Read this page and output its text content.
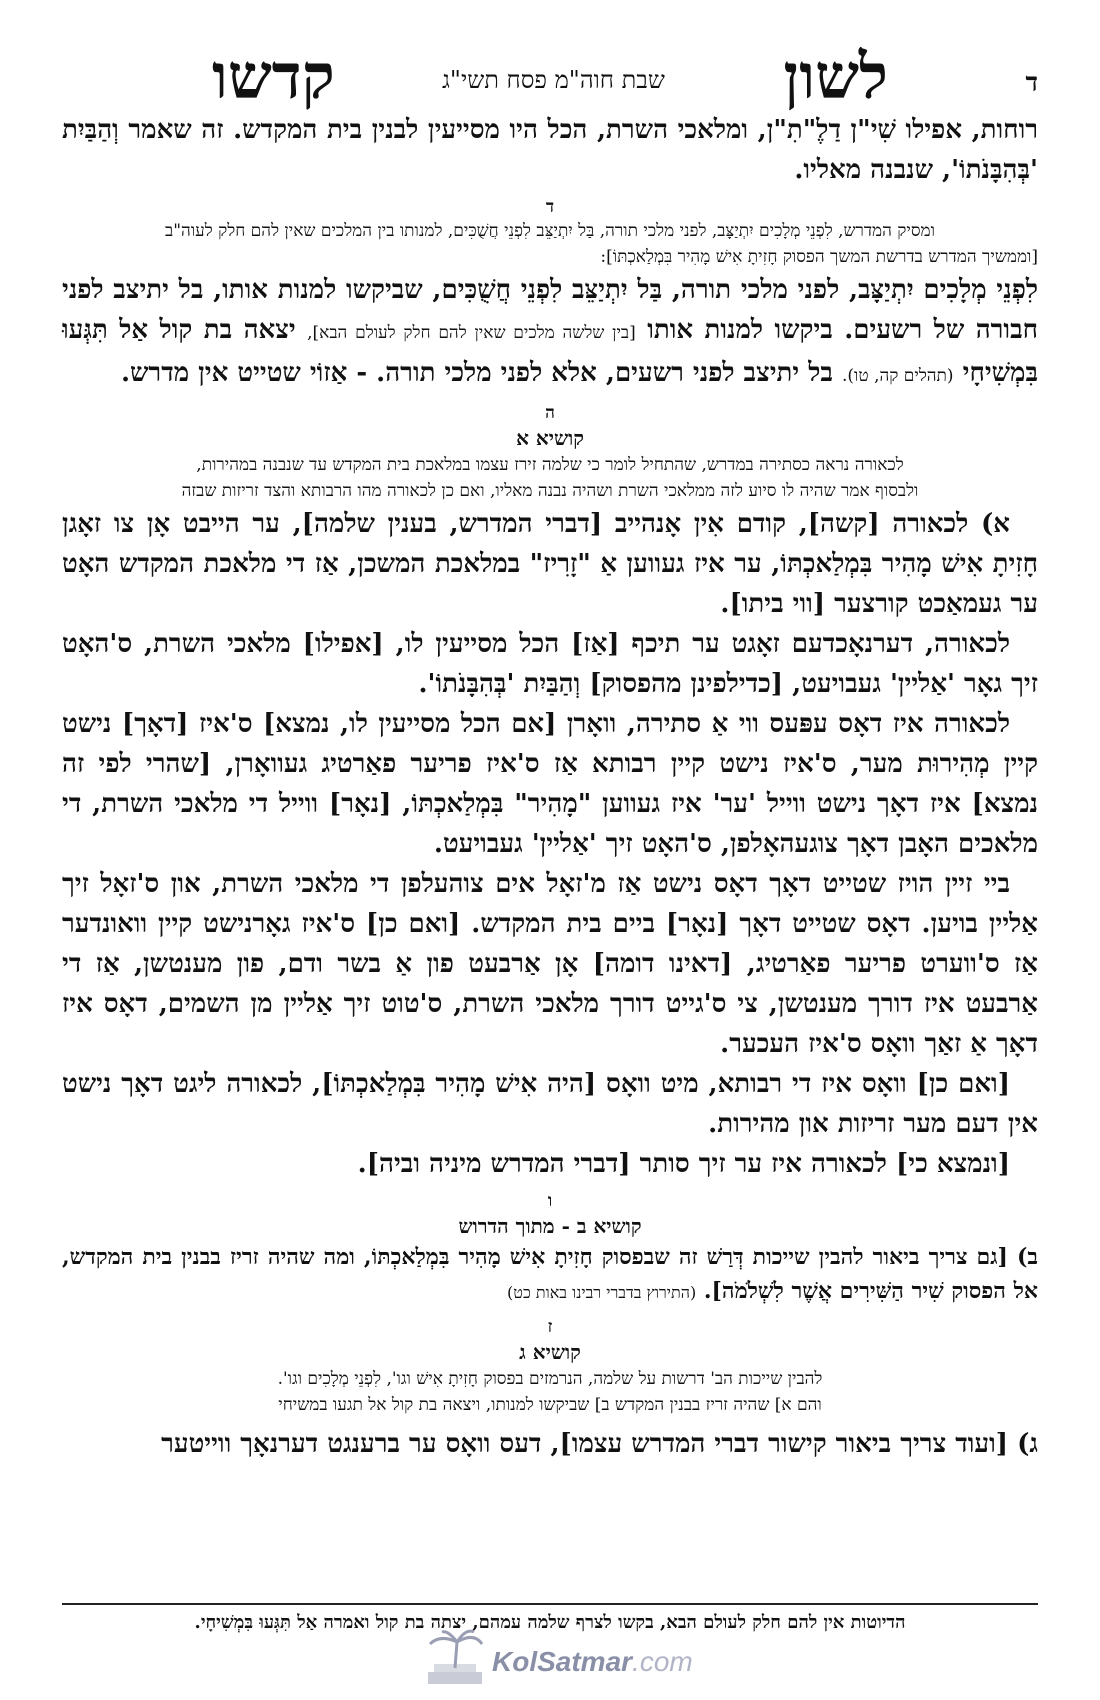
ד
לשון
שבת חוה"מ פסח תשי"ג
קדשו

רוחות, אפילו שִׁי"ן דַלֶ"תִ"ן, ומלאכי השרת, הכל היו מסייעין לבנין בית המקדש. זה שאמר וְהַבַּיִת 'בְּהִבָּנֹתוֹ', שנבנה מאליו.

ד
ומסיק המדרש, לִפְנֵי מְלָכִים יִתְיַצָּב, לפני מלכי תורה, בַּל יִתְיַצֵּב לִפְנֵי חֲשֻׁכִּים, למנותו בין המלכים שאין להם חלק לעוה"ב
[וממשיך המדרש בדרשת המשך הפסוק חָזִיתָ אִישׁ מָהִיר בִּמְלַאכְתּוֹ]:

לִפְנֵי מְלָכִים יִתְיַצָּב, לפני מלכי תורה, בַּל יִתְיַצֵּב לִפְנֵי חֲשֻׁכִּים, שביקשו למנות אותו, בל יתיצב לפני חבורה של רשעים. ביקשו למנות אותו [בין שלשה מלכים שאין להם חלק לעולם הבא], יצאה בת קול אַל תִּגְּעוּ בִּמְשִׁיחָי (תהלים קה, טו). בל יתיצב לפני רשעים, אלא לפני מלכי תורה. - אַזוֹי שטייט אין מדרש.

ה
קושיא א
לכאורה נראה כסתירה במדרש, שהתחיל לומר כי שלמה זירז עצמו במלאכת בית המקדש עד שנבנה במהירות,
ולבסוף אמר שהיה לו סיוע לזה ממלאכי השרת ושהיה נבנה מאליו, ואם כן לכאורה מהו הרבותא והצד זריזות שבזה

א) לכאורה [קשה], קודם אִין אָנהייב [דברי המדרש, בענין שלמה], ער הייבט אָן צו זאָגן חָזִיתָ אִישׁ מָהִיר בִּמְלַאכְתּוֹ, ער איז געווען אַ "זָרִיז" במלאכת המשכן, אַז די מלאכת המקדש האָט ער געמאַכט קורצער [ווי ביתו].

לכאורה, דערנאָכדעם זאָגט ער תיכף [אַז] הכל מסייעין לו, [אפילו] מלאכי השרת, ס'האָט זיך גאָר 'אַליין' געבויעט, [כדילפינן מהפסוק] וְהַבַּיִת 'בְּהִבָּנֹתוֹ'.

לכאורה איז דאָס עפּעס ווי אַ סתירה, וואָרן [אם הכל מסייעין לו, נמצא] ס'איז [דאָך] נישט קיין מְהִירוּת מער, ס'איז נישט קיין רבותא אַז ס'איז פריער פאַרטיג געוואָרן, [שהרי לפי זה נמצא] איז דאָך נישט ווייל 'ער' איז געווען "מָהִיר" בִּמְלַאכְתּוֹ, [נאָר] ווייל די מלאכי השרת, די מלאכים האָבן דאָך צוגעהאָלפן, ס'האָט זיך 'אַליין' געבויעט.

ביי זיין הויז שטייט דאָך דאָס נישט אַז מ'זאָל אים צוהעלפן די מלאכי השרת, און ס'זאָל זיך אַליין בויען. דאָס שטייט דאָך [נאָר] ביים בית המקדש. [ואם כן] ס'איז גאָרנישט קיין וואונדער אַז ס'ווערט פריער פאַרטיג, [דאינו דומה] אָן אַרבעט פון אַ בשר ודם, פון מענטשן, אַז די אַרבעט איז דורך מענטשן, צי ס'גייט דורך מלאכי השרת, ס'טוט זיך אַליין מן השמים, דאָס איז דאָך אַ זאַך וואָס ס'איז העכער.

[ואם כן] וואָס איז די רבותא, מיט וואָס [היה אִישׁ מָהִיר בִּמְלַאכְתּוֹ], לכאורה ליגט דאָך נישט אין דעם מער זריזות און מהירות.

[ונמצא כי] לכאורה איז ער זיך סותר [דברי המדרש מיניה וביה].

ו
קושיא ב - מתוך הדרוש

ב) [גם צריך ביאור להבין שייכות דְּרַשׁ זה שבפסוק חָזִיתָ אִישׁ מָהִיר בִּמְלַאכְתּוֹ, ומה שהיה זריז בבנין בית המקדש, אל הפסוק שִׁיר הַשִּׁירִים אֲשֶׁר לִשְׁלֹמֹה]. (התירוץ בדברי רבינו באות כט)

ז
קושיא ג
להבין שייכות הב' דרשות על שלמה, הנרמזים בפסוק חָזִיתָ אִישׁ וגו', לִפְנֵי מְלָכִים וגו'.
והם א] שהיה זריז בבנין המקדש ב] שביקשו למנותו, ויצאה בת קול אל תגעו במשיחי

ג) [ועוד צריך ביאור קישור דברי המדרש עצמו], דעס וואָס ער ברענגט דערנאָך ווייטער

הדיוטות אין להם חלק לעולם הבא, בקשו לצרף שלמה עמהם, יצתה בת קול ואמרה אַל תִּגְּעוּ בִּמְשִׁיחָי.
KolSatmar.com
